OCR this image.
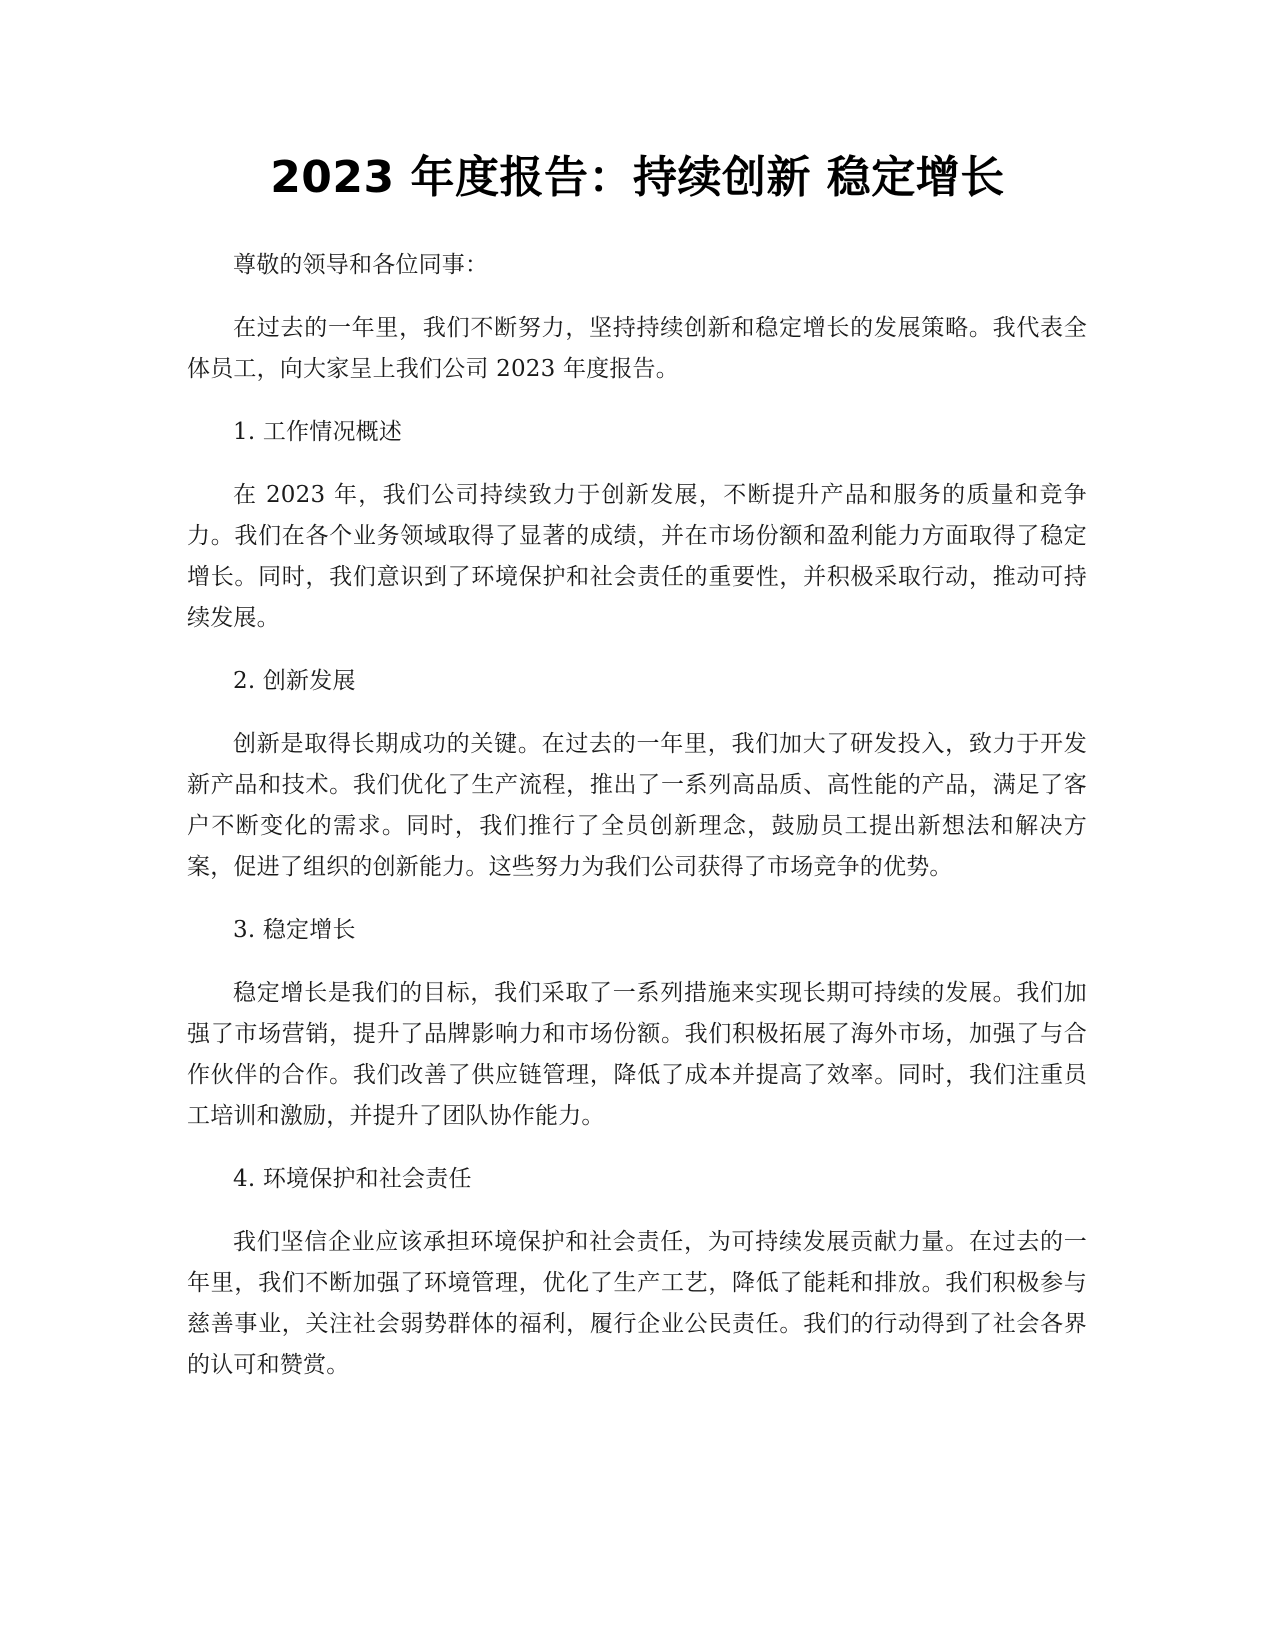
2023 年度报告：持续创新 稳定增长

尊敬的领导和各位同事：

在过去的一年里，我们不断努力，坚持持续创新和稳定增长的发展策略。我代表全体员工，向大家呈上我们公司 2023 年度报告。

1. 工作情况概述

在 2023 年，我们公司持续致力于创新发展，不断提升产品和服务的质量和竞争力。我们在各个业务领域取得了显著的成绩，并在市场份额和盈利能力方面取得了稳定增长。同时，我们意识到了环境保护和社会责任的重要性，并积极采取行动，推动可持续发展。

2. 创新发展

创新是取得长期成功的关键。在过去的一年里，我们加大了研发投入，致力于开发新产品和技术。我们优化了生产流程，推出了一系列高品质、高性能的产品，满足了客户不断变化的需求。同时，我们推行了全员创新理念，鼓励员工提出新想法和解决方案，促进了组织的创新能力。这些努力为我们公司获得了市场竞争的优势。

3. 稳定增长

稳定增长是我们的目标，我们采取了一系列措施来实现长期可持续的发展。我们加强了市场营销，提升了品牌影响力和市场份额。我们积极拓展了海外市场，加强了与合作伙伴的合作。我们改善了供应链管理，降低了成本并提高了效率。同时，我们注重员工培训和激励，并提升了团队协作能力。

4. 环境保护和社会责任

我们坚信企业应该承担环境保护和社会责任，为可持续发展贡献力量。在过去的一年里，我们不断加强了环境管理，优化了生产工艺，降低了能耗和排放。我们积极参与慈善事业，关注社会弱势群体的福利，履行企业公民责任。我们的行动得到了社会各界的认可和赞赏。
